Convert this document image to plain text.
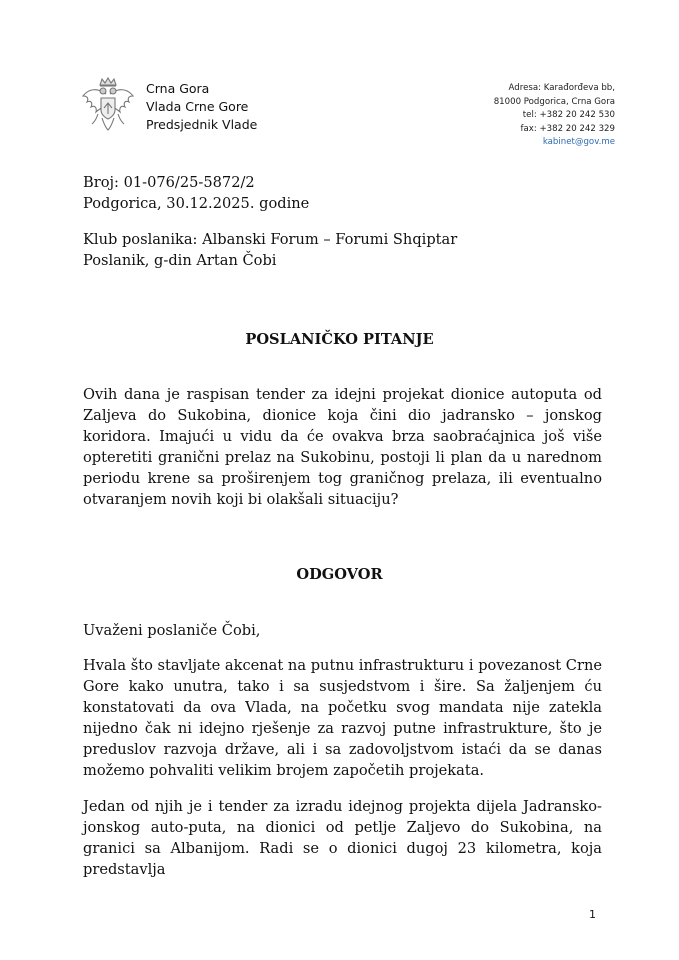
Crna Gora
Vlada Crne Gore
Predsjednik Vlade
Adresa: Karađorđeva bb,
81000 Podgorica, Crna Gora
tel: +382 20 242 530
fax: +382 20 242 329
kabinet@gov.me
Broj: 01-076/25-5872/2
Podgorica, 30.12.2025. godine
Klub poslanika: Albanski Forum – Forumi Shqiptar
Poslanik, g-din Artan Čobi
POSLANIČKO PITANJE
Ovih dana je raspisan tender za idejni projekat dionice autoputa od Zaljeva do Sukobina, dionice koja čini dio jadransko – jonskog koridora. Imajući u vidu da će ovakva brza saobraćajnica još više opteretiti granični prelaz na Sukobinu, postoji li plan da u narednom periodu krene sa proširenjem tog graničnog prelaza, ili eventualno otvaranjem novih koji bi olakšali situaciju?
ODGOVOR
Uvaženi poslaniče Čobi,
Hvala što stavljate akcenat na putnu infrastrukturu i povezanost Crne Gore kako unutra, tako i sa susjedstvom i šire. Sa žaljenjem ću konstatovati da ova Vlada, na početku svog mandata nije zatekla nijedno čak ni idejno rješenje za razvoj putne infrastrukture, što je preduslov razvoja države, ali i sa zadovoljstvom istaći da se danas možemo pohvaliti velikim brojem započetih projekata.
Jedan od njih je i tender za izradu idejnog projekta dijela Jadransko-jonskog auto-puta, na dionici od petlje Zaljevo do Sukobina, na granici sa Albanijom. Radi se o dionici dugoj 23 kilometra, koja predstavlja
1
